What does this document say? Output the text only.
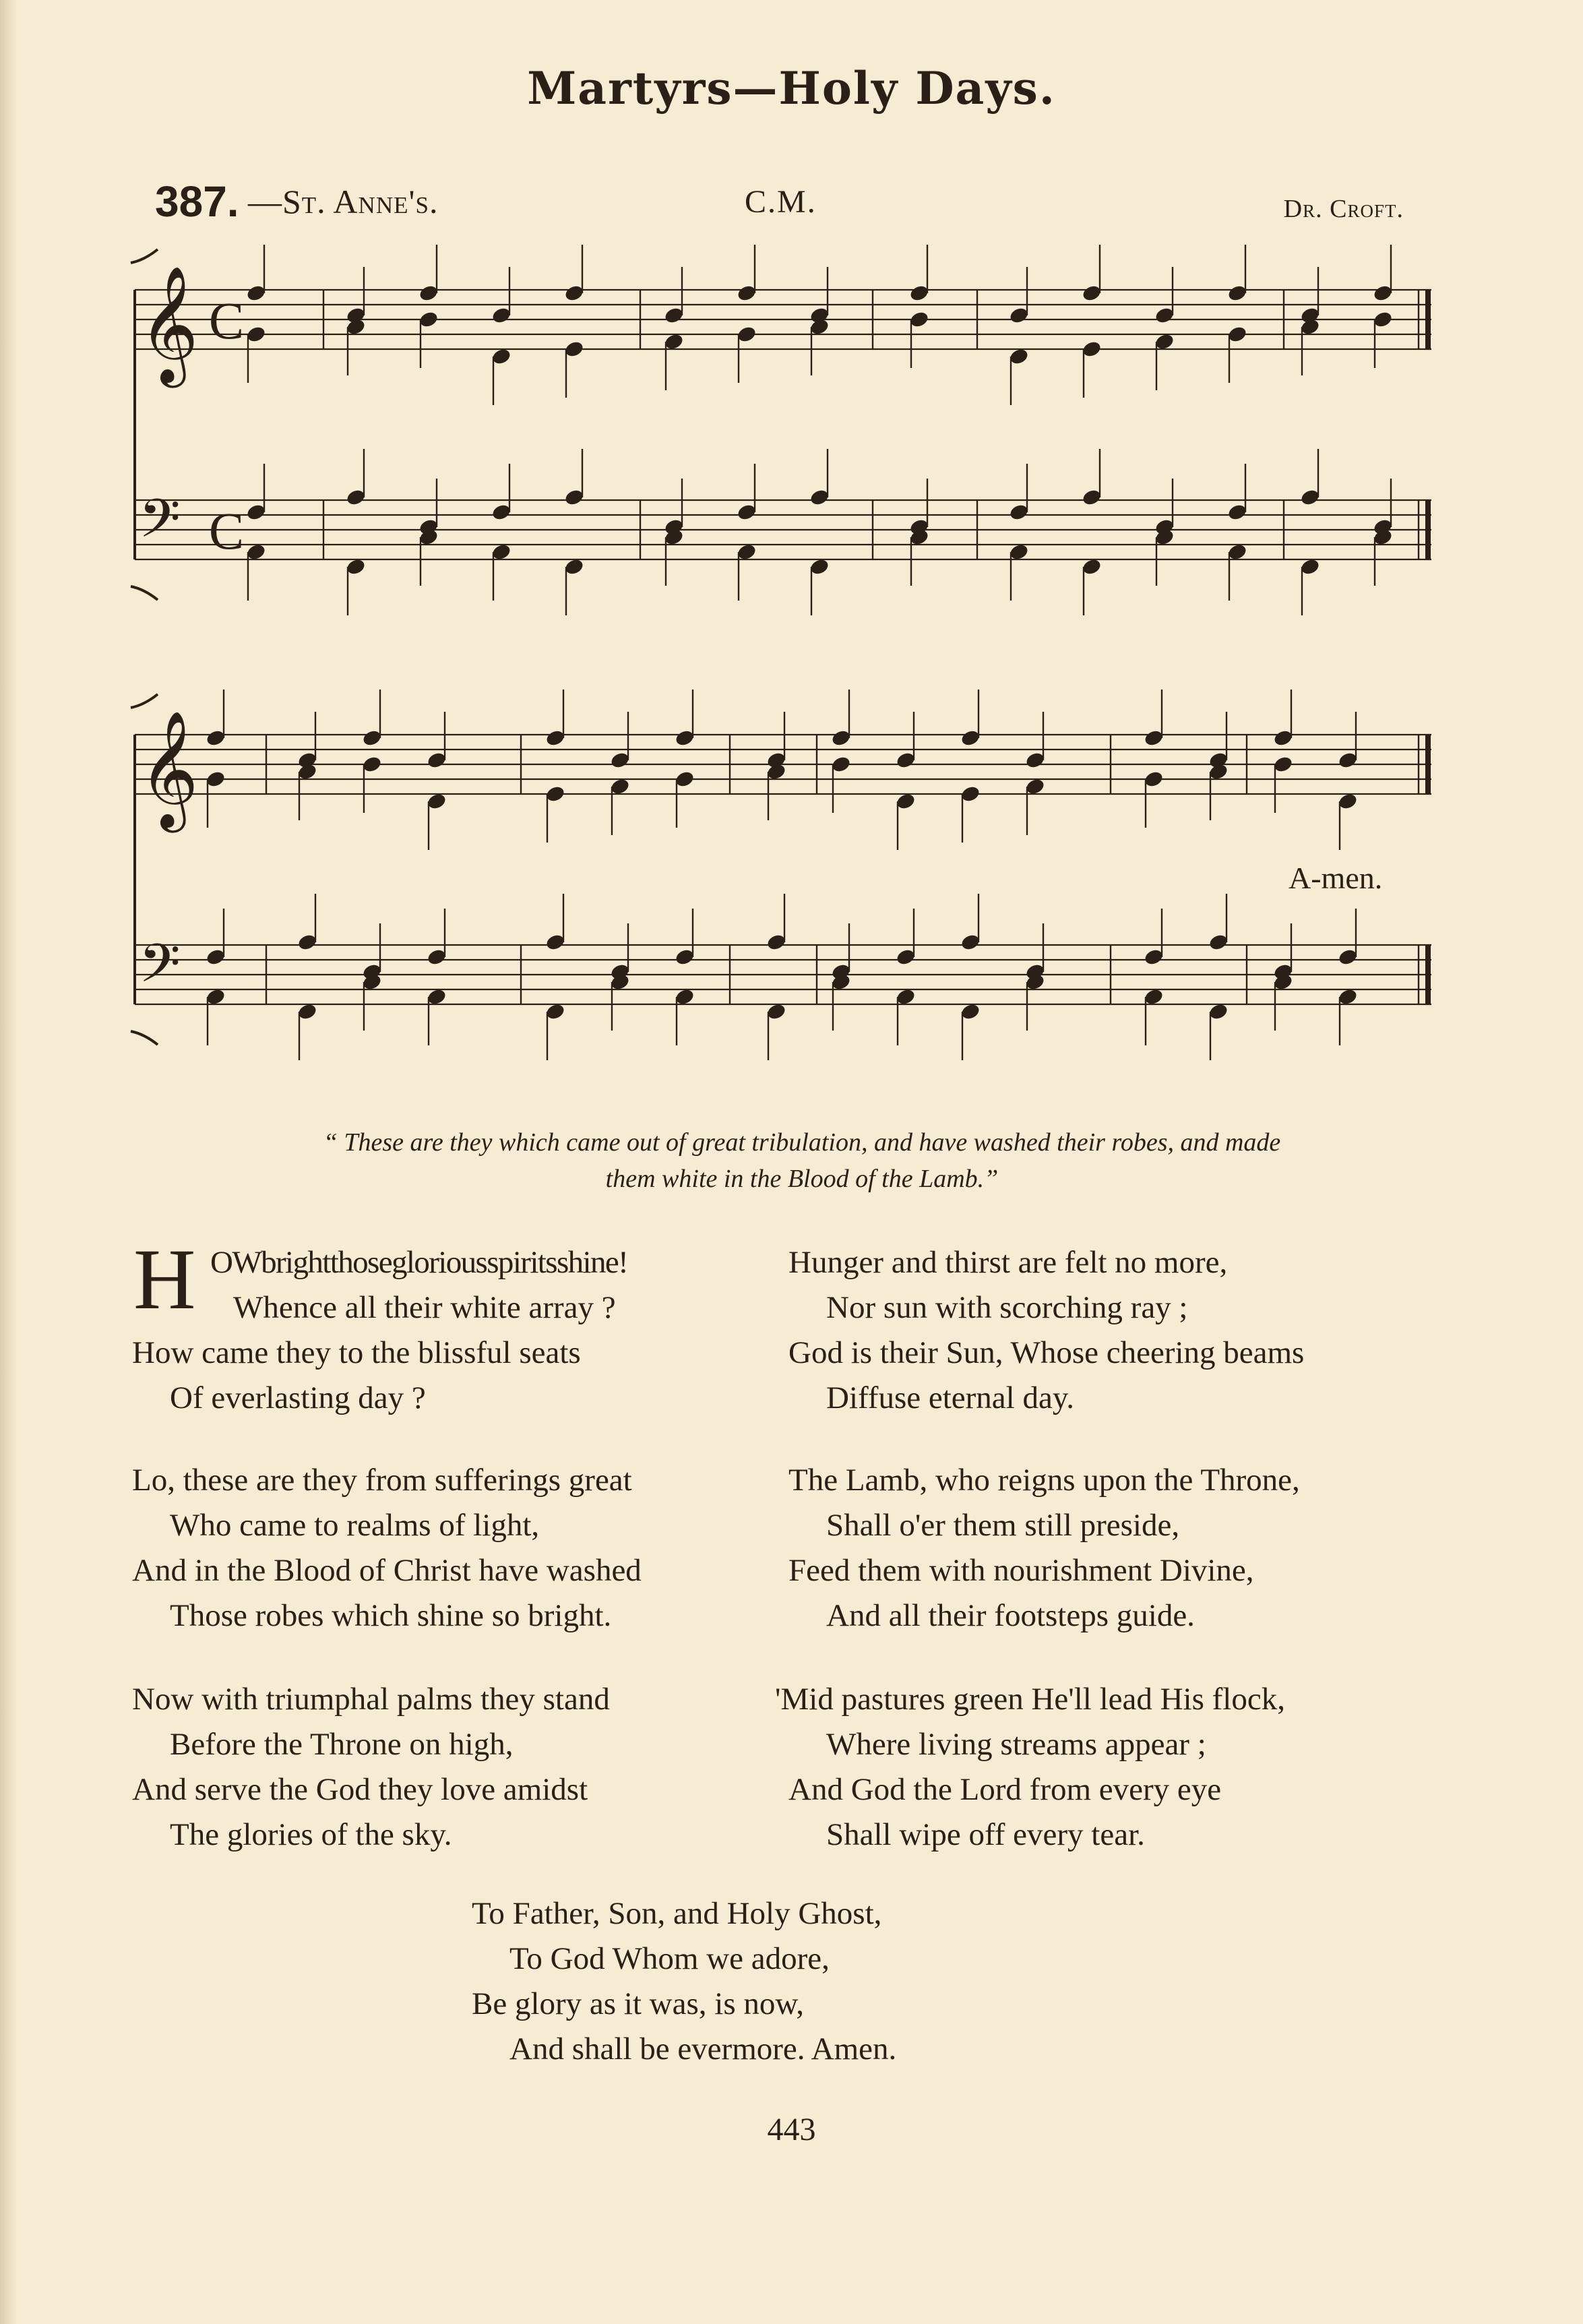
Martyrs—Holy Days.
387. —St. Anne's.	C.M.	Dr. Croft.
𝄞
𝄢
C
C
𝄞
𝄢
A-men.
“ These are they which came out of great tribulation, and have washed their robes, and made
them white in the Blood of the Lamb.”
H OWbrightthosegloriousspiritsshine!
Whence all their white array ?
How came they to the blissful seats
Of everlasting day ?
Lo, these are they from sufferings great
Who came to realms of light,
And in the Blood of Christ have washed
Those robes which shine so bright.
Now with triumphal palms they stand
Before the Throne on high,
And serve the God they love amidst
The glories of the sky.
Hunger and thirst are felt no more,
Nor sun with scorching ray ;
God is their Sun, Whose cheering beams
Diffuse eternal day.
The Lamb, who reigns upon the Throne,
Shall o'er them still preside,
Feed them with nourishment Divine,
And all their footsteps guide.
'Mid pastures green He'll lead His flock,
Where living streams appear ;
And God the Lord from every eye
Shall wipe off every tear.
To Father, Son, and Holy Ghost,
To God Whom we adore,
Be glory as it was, is now,
And shall be evermore. Amen.
443
